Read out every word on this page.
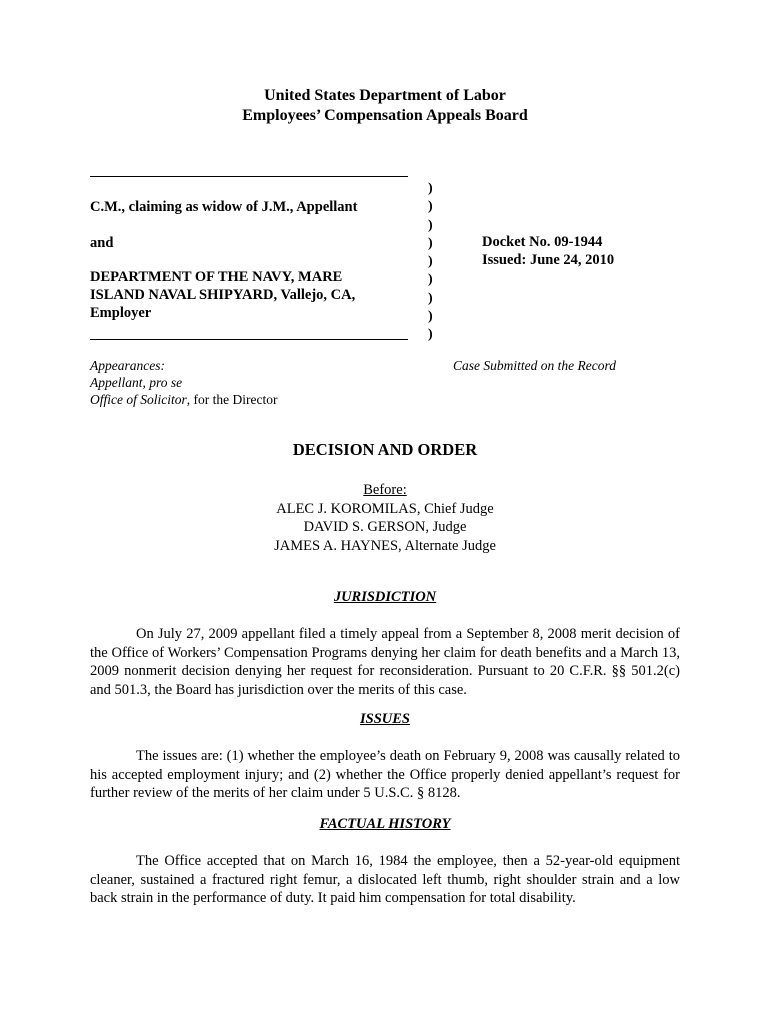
United States Department of Labor
Employees’ Compensation Appeals Board
C.M., claiming as widow of J.M., Appellant
and
DEPARTMENT OF THE NAVY, MARE
ISLAND NAVAL SHIPYARD, Vallejo, CA,
Employer
)
)
)
)
)
)
)
)
)
Docket No. 09-1944
Issued: June 24, 2010
Appearances:
Appellant, pro se
Office of Solicitor, for the Director
Case Submitted on the Record
DECISION AND ORDER
Before:
ALEC J. KOROMILAS, Chief Judge
DAVID S. GERSON, Judge
JAMES A. HAYNES, Alternate Judge
JURISDICTION
On July 27, 2009 appellant filed a timely appeal from a September 8, 2008 merit decision of the Office of Workers’ Compensation Programs denying her claim for death benefits and a March 13, 2009 nonmerit decision denying her request for reconsideration. Pursuant to 20 C.F.R. §§ 501.2(c) and 501.3, the Board has jurisdiction over the merits of this case.
ISSUES
The issues are: (1) whether the employee’s death on February 9, 2008 was causally related to his accepted employment injury; and (2) whether the Office properly denied appellant’s request for further review of the merits of her claim under 5 U.S.C. § 8128.
FACTUAL HISTORY
The Office accepted that on March 16, 1984 the employee, then a 52-year-old equipment cleaner, sustained a fractured right femur, a dislocated left thumb, right shoulder strain and a low back strain in the performance of duty. It paid him compensation for total disability.
